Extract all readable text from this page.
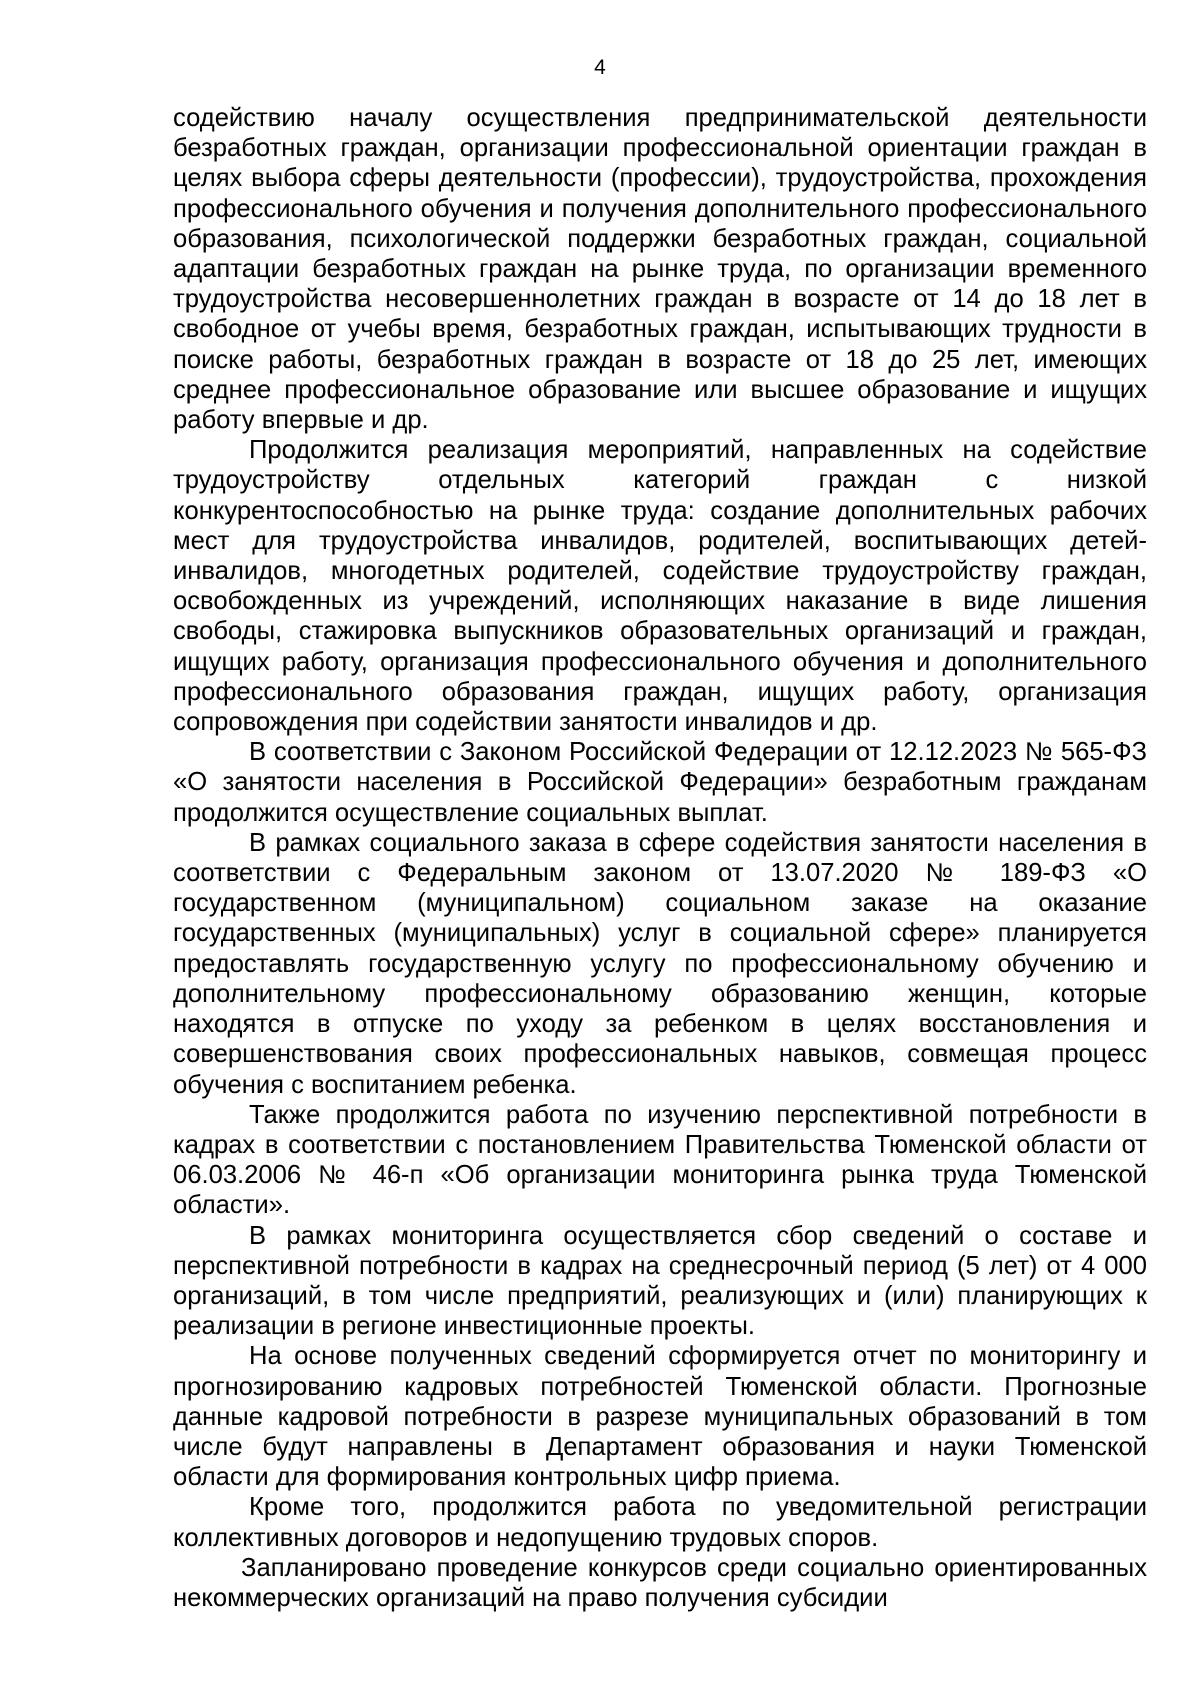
4

содействию началу осуществления предпринимательской деятельности безработных граждан, организации профессиональной ориентации граждан в целях выбора сферы деятельности (профессии), трудоустройства, прохождения профессионального обучения и получения дополнительного профессионального образования, психологической поддержки безработных граждан, социальной адаптации безработных граждан на рынке труда, по организации временного трудоустройства несовершеннолетних граждан в возрасте от 14 до 18 лет в свободное от учебы время, безработных граждан, испытывающих трудности в поиске работы, безработных граждан в возрасте от 18 до 25 лет, имеющих среднее профессиональное образование или высшее образование и ищущих работу впервые и др.

Продолжится реализация мероприятий, направленных на содействие трудоустройству отдельных категорий граждан с низкой конкурентоспособностью на рынке труда: создание дополнительных рабочих мест для трудоустройства инвалидов, родителей, воспитывающих детей-инвалидов, многодетных родителей, содействие трудоустройству граждан, освобожденных из учреждений, исполняющих наказание в виде лишения свободы, стажировка выпускников образовательных организаций и граждан, ищущих работу, организация профессионального обучения и дополнительного профессионального образования граждан, ищущих работу, организация сопровождения при содействии занятости инвалидов и др.

В соответствии с Законом Российской Федерации от 12.12.2023 № 565-ФЗ «О занятости населения в Российской Федерации» безработным гражданам продолжится осуществление социальных выплат.

В рамках социального заказа в сфере содействия занятости населения в соответствии с Федеральным законом от 13.07.2020 № 189-ФЗ «О государственном (муниципальном) социальном заказе на оказание государственных (муниципальных) услуг в социальной сфере» планируется предоставлять государственную услугу по профессиональному обучению и дополнительному профессиональному образованию женщин, которые находятся в отпуске по уходу за ребенком в целях восстановления и совершенствования своих профессиональных навыков, совмещая процесс обучения с воспитанием ребенка.

Также продолжится работа по изучению перспективной потребности в кадрах в соответствии с постановлением Правительства Тюменской области от 06.03.2006 № 46-п «Об организации мониторинга рынка труда Тюменской области».

В рамках мониторинга осуществляется сбор сведений о составе и перспективной потребности в кадрах на среднесрочный период (5 лет) от 4 000 организаций, в том числе предприятий, реализующих и (или) планирующих к реализации в регионе инвестиционные проекты.

На основе полученных сведений сформируется отчет по мониторингу и прогнозированию кадровых потребностей Тюменской области. Прогнозные данные кадровой потребности в разрезе муниципальных образований в том числе будут направлены в Департамент образования и науки Тюменской области для формирования контрольных цифр приема.

Кроме того, продолжится работа по уведомительной регистрации коллективных договоров и недопущению трудовых споров.

Запланировано проведение конкурсов среди социально ориентированных некоммерческих организаций на право получения субсидии
